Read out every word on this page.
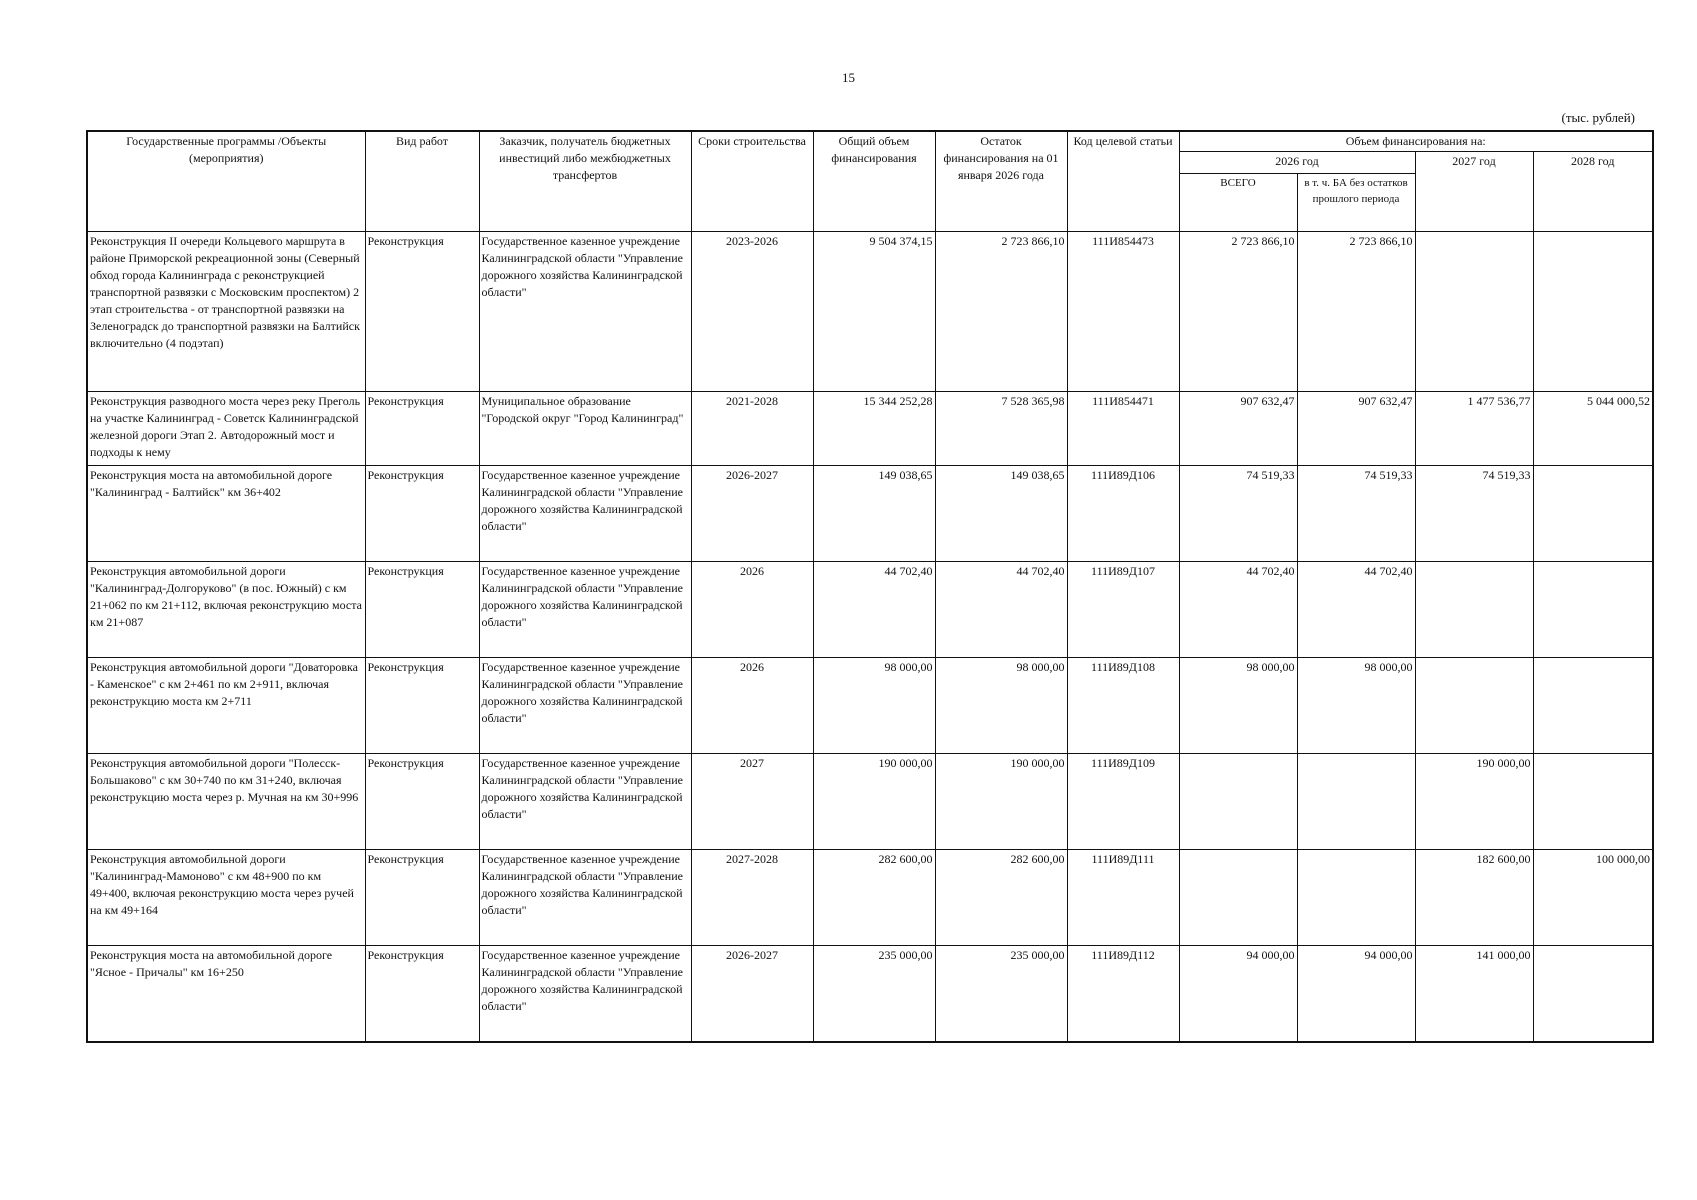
15
(тыс. рублей)
Государственные программы /Объекты (мероприятия)	Вид работ	Заказчик, получатель бюджетных инвестиций либо межбюджетных трансфертов	Сроки строительства	Общий объем финансирования	Остаток финансирования на 01 января 2026 года	Код целевой статьи	Объем финансирования на:			
							2026 год		2027 год	2028 год
							ВСЕГО	в т. ч. БА без остатков прошлого периода		
Реконструкция II очереди Кольцевого маршрута в районе Приморской рекреационной зоны (Северный обход города Калининграда с реконструкцией транспортной развязки с Московским проспектом) 2 этап строительства - от транспортной развязки на Зеленоградск до транспортной развязки на Балтийск включительно (4 подэтап)	Реконструкция	Государственное казенное учреждение Калининградской области "Управление дорожного хозяйства Калининградской области"	2023-2026	9 504 374,15	2 723 866,10	111И854473	2 723 866,10	2 723 866,10		
Реконструкция разводного моста через реку Преголь на участке Калининград - Советск Калининградской железной дороги Этап 2. Автодорожный мост и подходы к нему	Реконструкция	Муниципальное образование "Городской округ "Город Калининград"	2021-2028	15 344 252,28	7 528 365,98	111И854471	907 632,47	907 632,47	1 477 536,77	5 044 000,52
Реконструкция моста на автомобильной дороге "Калининград - Балтийск" км 36+402	Реконструкция	Государственное казенное учреждение Калининградской области "Управление дорожного хозяйства Калининградской области"	2026-2027	149 038,65	149 038,65	111И89Д106	74 519,33	74 519,33	74 519,33	
Реконструкция автомобильной дороги "Калининград-Долгоруково" (в пос. Южный) с км 21+062 по км 21+112, включая реконструкцию моста км 21+087	Реконструкция	Государственное казенное учреждение Калининградской области "Управление дорожного хозяйства Калининградской области"	2026	44 702,40	44 702,40	111И89Д107	44 702,40	44 702,40		
Реконструкция автомобильной дороги "Доватоpовка - Каменское" с км 2+461 по км 2+911, включая реконструкцию моста км 2+711	Реконструкция	Государственное казенное учреждение Калининградской области "Управление дорожного хозяйства Калининградской области"	2026	98 000,00	98 000,00	111И89Д108	98 000,00	98 000,00		
Реконструкция автомобильной дороги "Полесск-Большаково" с км 30+740 по км 31+240, включая реконструкцию моста через р. Мучная на км 30+996	Реконструкция	Государственное казенное учреждение Калининградской области "Управление дорожного хозяйства Калининградской области"	2027	190 000,00	190 000,00	111И89Д109			190 000,00	
Реконструкция автомобильной дороги "Калининград-Мамоново" с км 48+900 по км 49+400, включая реконструкцию моста через ручей на км 49+164	Реконструкция	Государственное казенное учреждение Калининградской области "Управление дорожного хозяйства Калининградской области"	2027-2028	282 600,00	282 600,00	111И89Д111			182 600,00	100 000,00
Реконструкция моста на автомобильной дороге "Ясное - Причалы" км 16+250	Реконструкция	Государственное казенное учреждение Калининградской области "Управление дорожного хозяйства Калининградской области"	2026-2027	235 000,00	235 000,00	111И89Д112	94 000,00	94 000,00	141 000,00	
